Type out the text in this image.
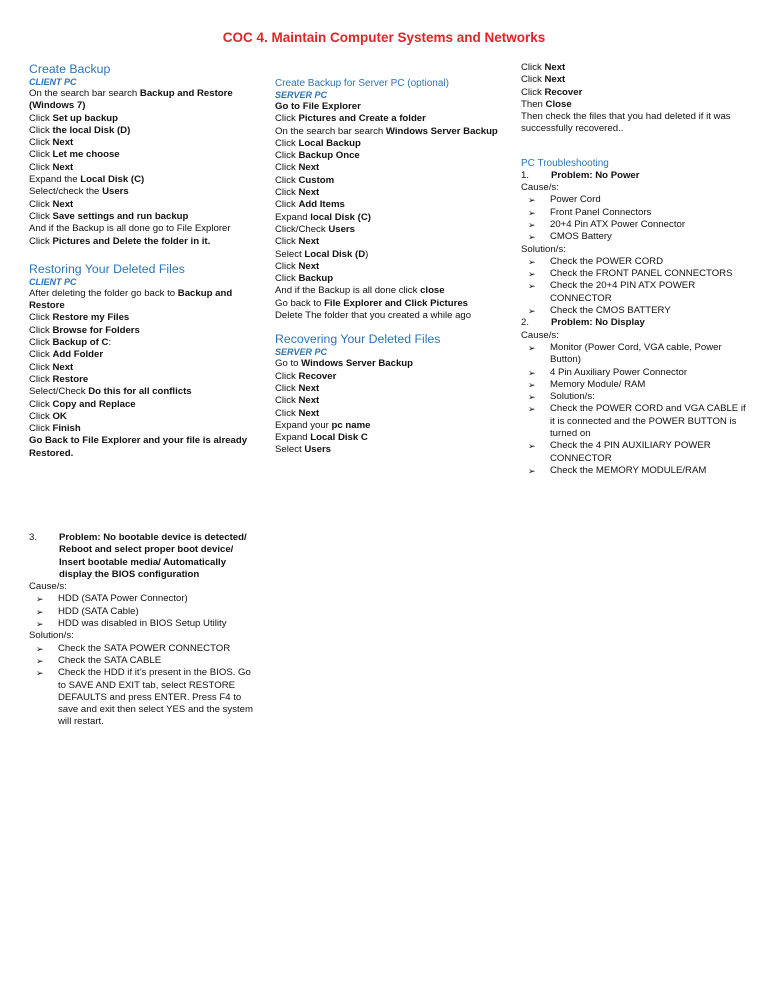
COC 4. Maintain Computer Systems and Networks
Create Backup
CLIENT PC
On the search bar search Backup and Restore (Windows 7)
Click Set up backup
Click the local Disk (D)
Click Next
Click Let me choose
Click Next
Expand the Local Disk (C)
Select/check the Users
Click Next
Click Save settings and run backup
And if the Backup is all done go to File Explorer
Click Pictures and Delete the folder in it.
Restoring Your Deleted Files
CLIENT PC
After deleting the folder go back to Backup and Restore
Click Restore my Files
Click Browse for Folders
Click Backup of C:
Click Add Folder
Click Next
Click Restore
Select/Check Do this for all conflicts
Click Copy and Replace
Click OK
Click Finish
Go Back to File Explorer and your file is already Restored.
Create Backup for Server PC (optional)
SERVER PC
Go to File Explorer
Click Pictures and Create a folder
On the search bar search Windows Server Backup
Click Local Backup
Click Backup Once
Click Next
Click Custom
Click Next
Click Add Items
Expand local Disk (C)
Click/Check Users
Click Next
Select Local Disk (D)
Click Next
Click Backup
And if the Backup is all done click close
Go back to File Explorer and Click Pictures
Delete The folder that you created a while ago
Recovering Your Deleted Files
SERVER PC
Go to Windows Server Backup
Click Recover
Click Next
Click Next
Click Next
Expand your pc name
Expand Local Disk C
Select Users
Click Next
Click Next
Click Recover
Then Close
Then check the files that you had deleted if it was successfully recovered..
PC Troubleshooting
1.	Problem: No Power
Cause/s:
➢	Power Cord
➢	Front Panel Connectors
➢	20+4 Pin ATX Power Connector
➢	CMOS Battery
Solution/s:
➢	Check the POWER CORD
➢	Check the FRONT PANEL CONNECTORS
➢	Check the 20+4 PIN ATX POWER CONNECTOR
➢	Check the CMOS BATTERY
2.	Problem: No Display
Cause/s:
➢	Monitor (Power Cord, VGA cable, Power Button)
➢	4 Pin Auxiliary Power Connector
➢	Memory Module/ RAM
➢	Solution/s:
➢	Check the POWER CORD and VGA CABLE if it is connected and the POWER BUTTON is turned on
➢	Check the 4 PIN AUXILIARY POWER CONNECTOR
➢	Check the MEMORY MODULE/RAM
3.	Problem: No bootable device is detected/ Reboot and select proper boot device/ Insert bootable media/ Automatically display the BIOS configuration
Cause/s:
➢	HDD (SATA Power Connector)
➢	HDD (SATA Cable)
➢	HDD was disabled in BIOS Setup Utility
Solution/s:
➢	Check the SATA POWER CONNECTOR
➢	Check the SATA CABLE
➢	Check the HDD if it’s present in the BIOS. Go to SAVE AND EXIT tab, select RESTORE DEFAULTS and press ENTER. Press F4 to save and exit then select YES and the system will restart.
